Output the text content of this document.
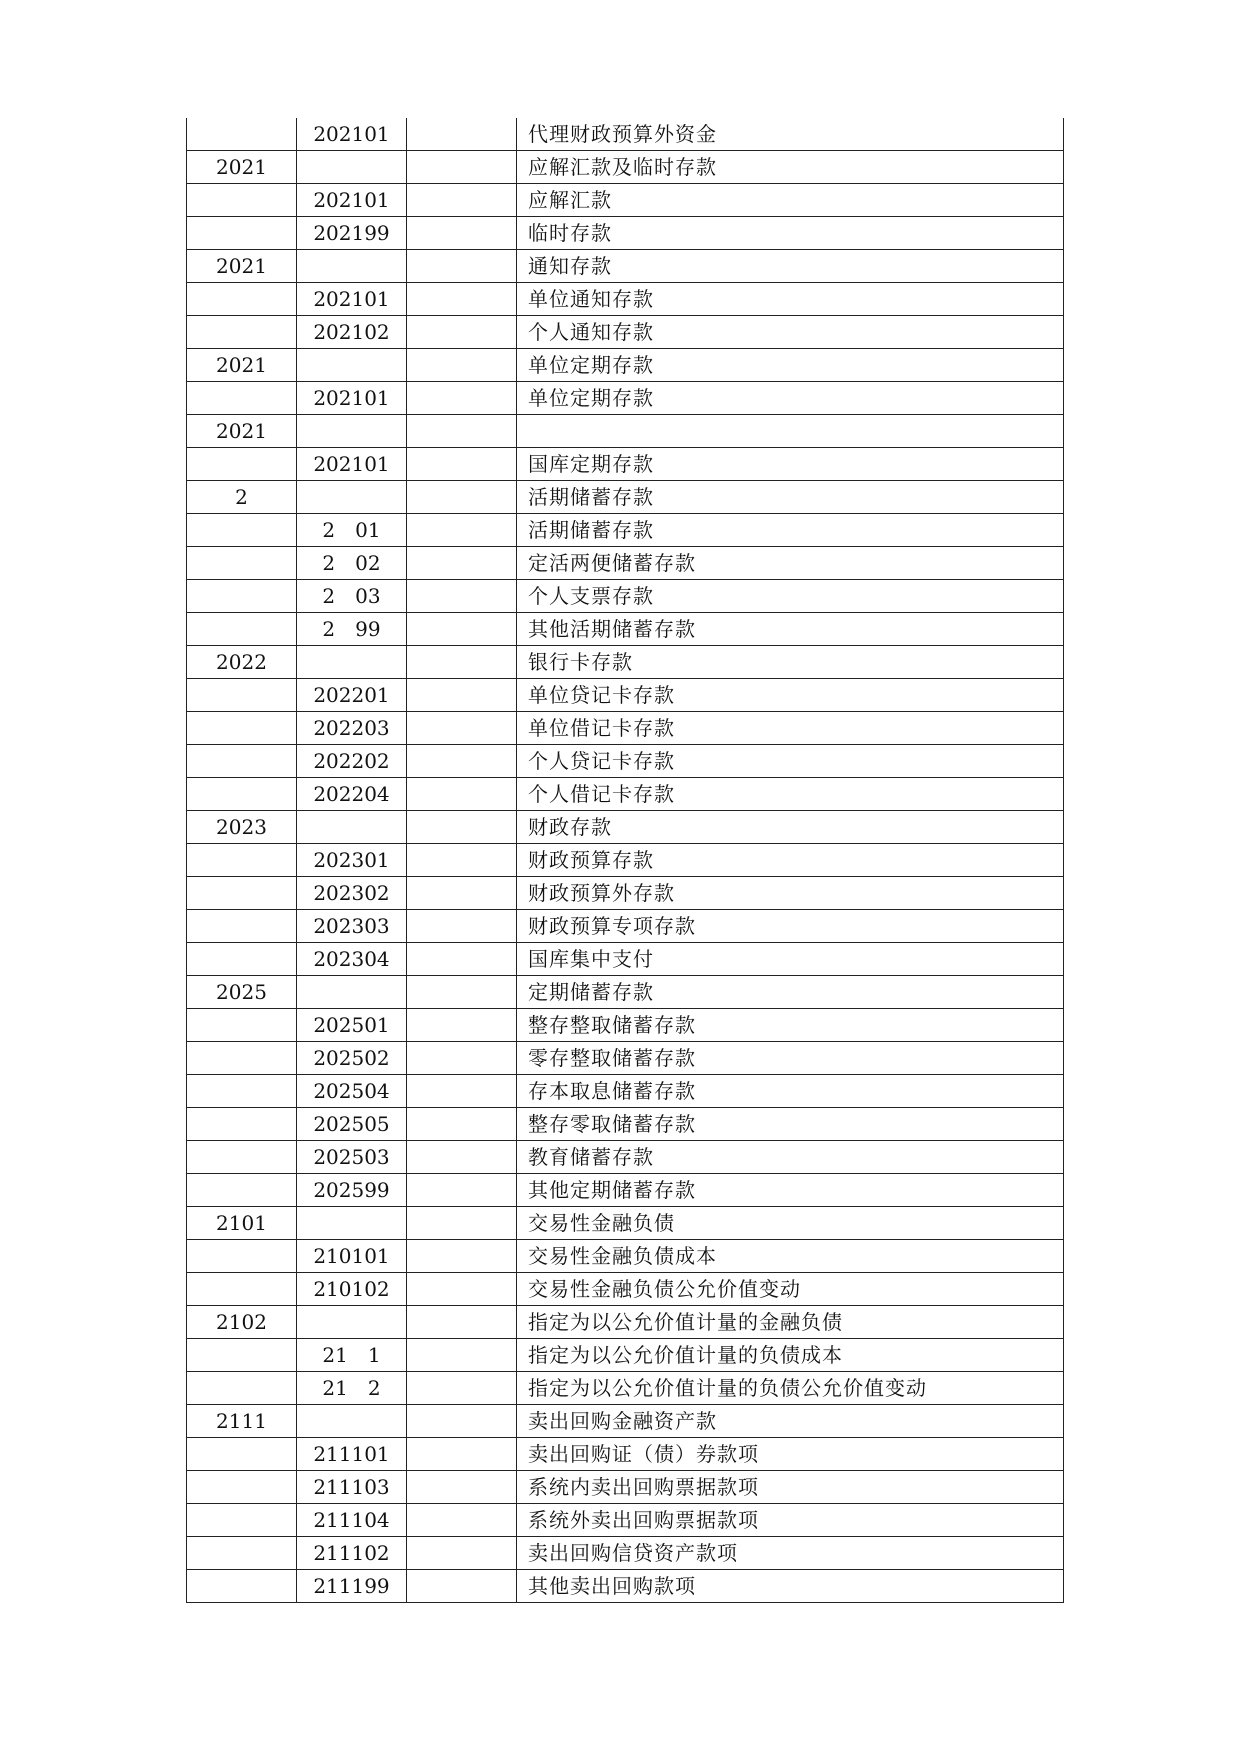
	202101		代理财政预算外资金
2021			应解汇款及临时存款
	202101		应解汇款
	202199		临时存款
2021			通知存款
	202101		单位通知存款
	202102		个人通知存款
2021			单位定期存款
	202101		单位定期存款
2021			
	202101		国库定期存款
2			活期储蓄存款
	2　01		活期储蓄存款
	2　02		定活两便储蓄存款
	2　03		个人支票存款
	2　99		其他活期储蓄存款
2022			银行卡存款
	202201		单位贷记卡存款
	202203		单位借记卡存款
	202202		个人贷记卡存款
	202204		个人借记卡存款
2023			财政存款
	202301		财政预算存款
	202302		财政预算外存款
	202303		财政预算专项存款
	202304		国库集中支付
2025			定期储蓄存款
	202501		整存整取储蓄存款
	202502		零存整取储蓄存款
	202504		存本取息储蓄存款
	202505		整存零取储蓄存款
	202503		教育储蓄存款
	202599		其他定期储蓄存款
2101			交易性金融负债
	210101		交易性金融负债成本
	210102		交易性金融负债公允价值变动
2102			指定为以公允价值计量的金融负债
	21　1		指定为以公允价值计量的负债成本
	21　2		指定为以公允价值计量的负债公允价值变动
2111			卖出回购金融资产款
	211101		卖出回购证（债）券款项
	211103		系统内卖出回购票据款项
	211104		系统外卖出回购票据款项
	211102		卖出回购信贷资产款项
	211199		其他卖出回购款项
